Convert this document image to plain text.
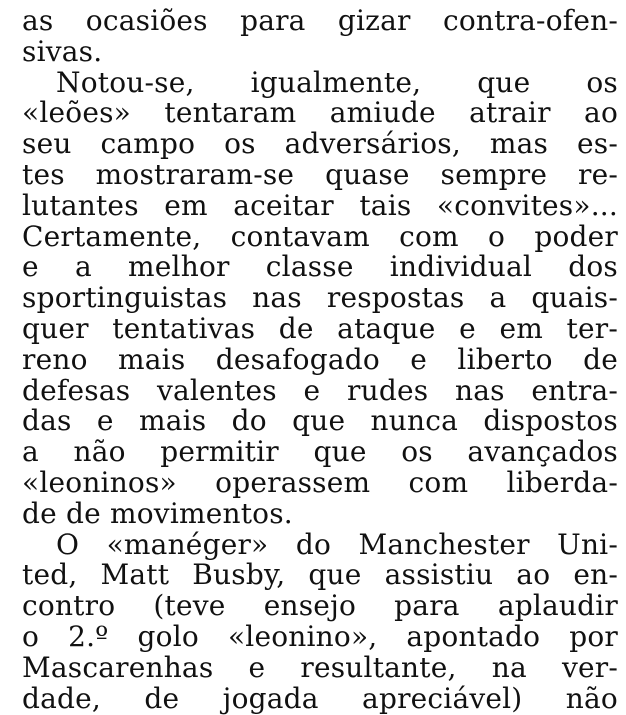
as ocasiões para gizar contra-ofen-
sivas.
Notou-se, igualmente, que os
«leões» tentaram amiude atrair ao
seu campo os adversários, mas es-
tes mostraram-se quase sempre re-
lutantes em aceitar tais «convites»...
Certamente, contavam com o poder
e a melhor classe individual dos
sportinguistas nas respostas a quais-
quer tentativas de ataque e em ter-
reno mais desafogado e liberto de
defesas valentes e rudes nas entra-
das e mais do que nunca dispostos
a não permitir que os avançados
«leoninos» operassem com liberda-
de de movimentos.
O «manéger» do Manchester Uni-
ted, Matt Busby, que assistiu ao en-
contro (teve ensejo para aplaudir
o 2.º golo «leonino», apontado por
Mascarenhas e resultante, na ver-
dade, de jogada apreciável) não
